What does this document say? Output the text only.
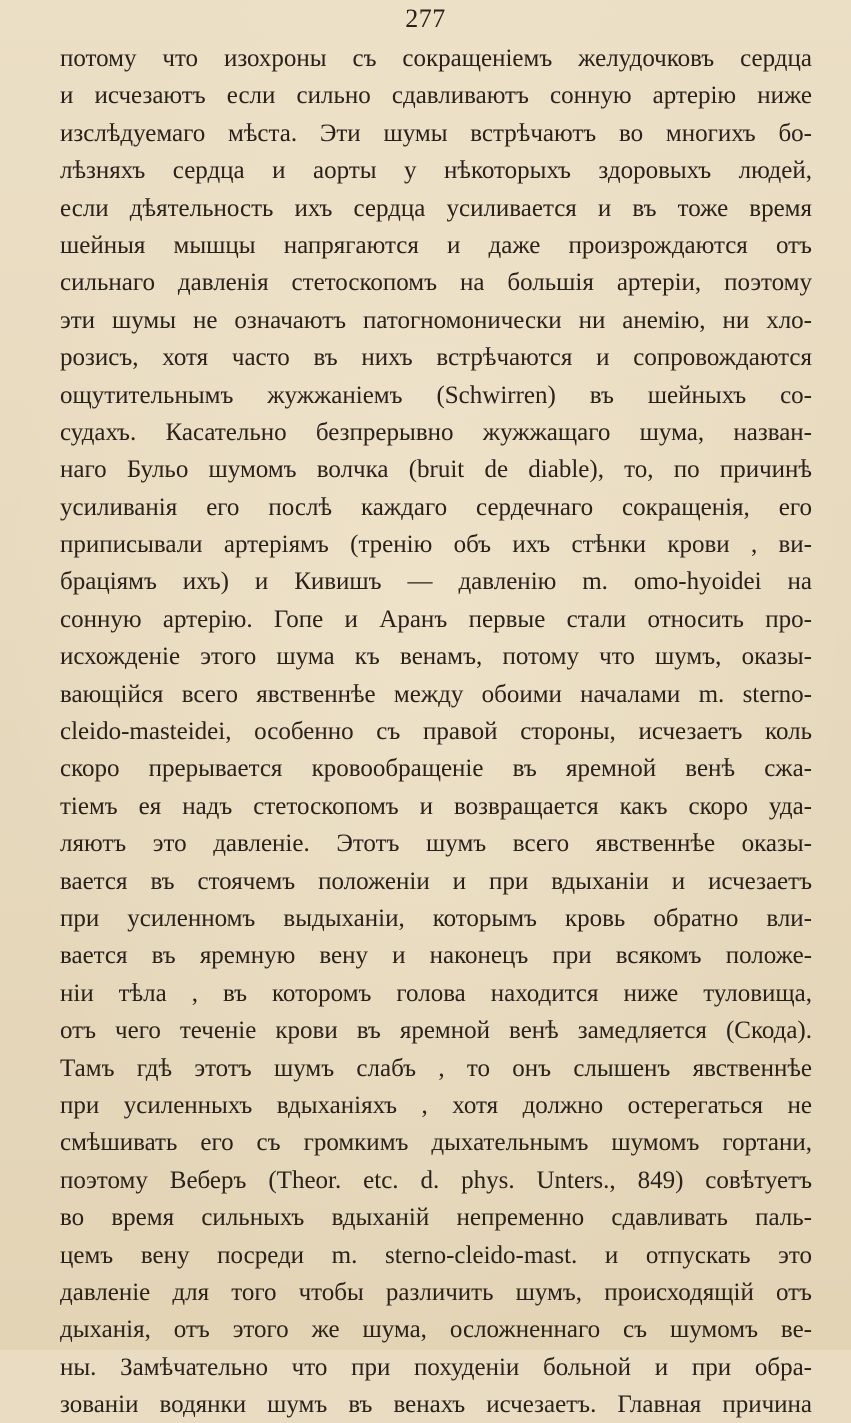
277
потому что изохроны съ сокращеніемъ желудочковъ сердца
и исчезаютъ если сильно сдавливаютъ сонную артерію ниже
изслѣдуемаго мѣста. Эти шумы встрѣчаютъ во многихъ бо-
лѣзняхъ сердца и аорты у нѣкоторыхъ здоровыхъ людей,
если дѣятельность ихъ сердца усиливается и въ тоже время
шейныя мышцы напрягаются и даже произрождаются отъ
сильнаго давленія стетоскопомъ на большія артеріи, поэтому
эти шумы не означаютъ патогномонически ни анемію, ни хло-
розисъ, хотя часто въ нихъ встрѣчаются и сопровождаются
ощутительнымъ жужжаніемъ (Schwirren) въ шейныхъ со-
судахъ. Касательно безпрерывно жужжащаго шума, назван-
наго Бульо шумомъ волчка (bruit de diable), то, по причинѣ
усиливанія его послѣ каждаго сердечнаго сокращенія, его
приписывали артеріямъ (тренію объ ихъ стѣнки крови , ви-
браціямъ ихъ) и Кивишъ — давленію m. omo-hyoidei на
сонную артерію. Гопе и Аранъ первые стали относить про-
исхожденіе этого шума къ венамъ, потому что шумъ, оказы-
вающійся всего явственнѣе между обоими началами m. sterno-
cleido-masteidei, особенно съ правой стороны, исчезаетъ коль
скоро прерывается кровообращеніе въ яремной венѣ сжа-
тіемъ ея надъ стетоскопомъ и возвращается какъ скоро уда-
ляютъ это давленіе. Этотъ шумъ всего явственнѣе оказы-
вается въ стоячемъ положеніи и при вдыханіи и исчезаетъ
при усиленномъ выдыханіи, которымъ кровь обратно вли-
вается въ яремную вену и наконецъ при всякомъ положе-
ніи тѣла , въ которомъ голова находится ниже туловища,
отъ чего теченіе крови въ яремной венѣ замедляется (Скода).
Тамъ гдѣ этотъ шумъ слабъ , то онъ слышенъ явственнѣе
при усиленныхъ вдыханіяхъ , хотя должно остерегаться не
смѣшивать его съ громкимъ дыхательнымъ шумомъ гортани,
поэтому Веберъ (Theor. etc. d. phys. Unters., 849) совѣтуетъ
во время сильныхъ вдыханій непременно сдавливать паль-
цемъ вену посреди m. sterno-cleido-mast. и отпускать это
давленіе для того чтобы различить шумъ, происходящій отъ
дыханія, отъ этого же шума, осложненнаго съ шумомъ ве-
ны. Замѣчательно что при похуденіи больной и при обра-
зованіи водянки шумъ въ венахъ исчезаетъ. Главная причина
